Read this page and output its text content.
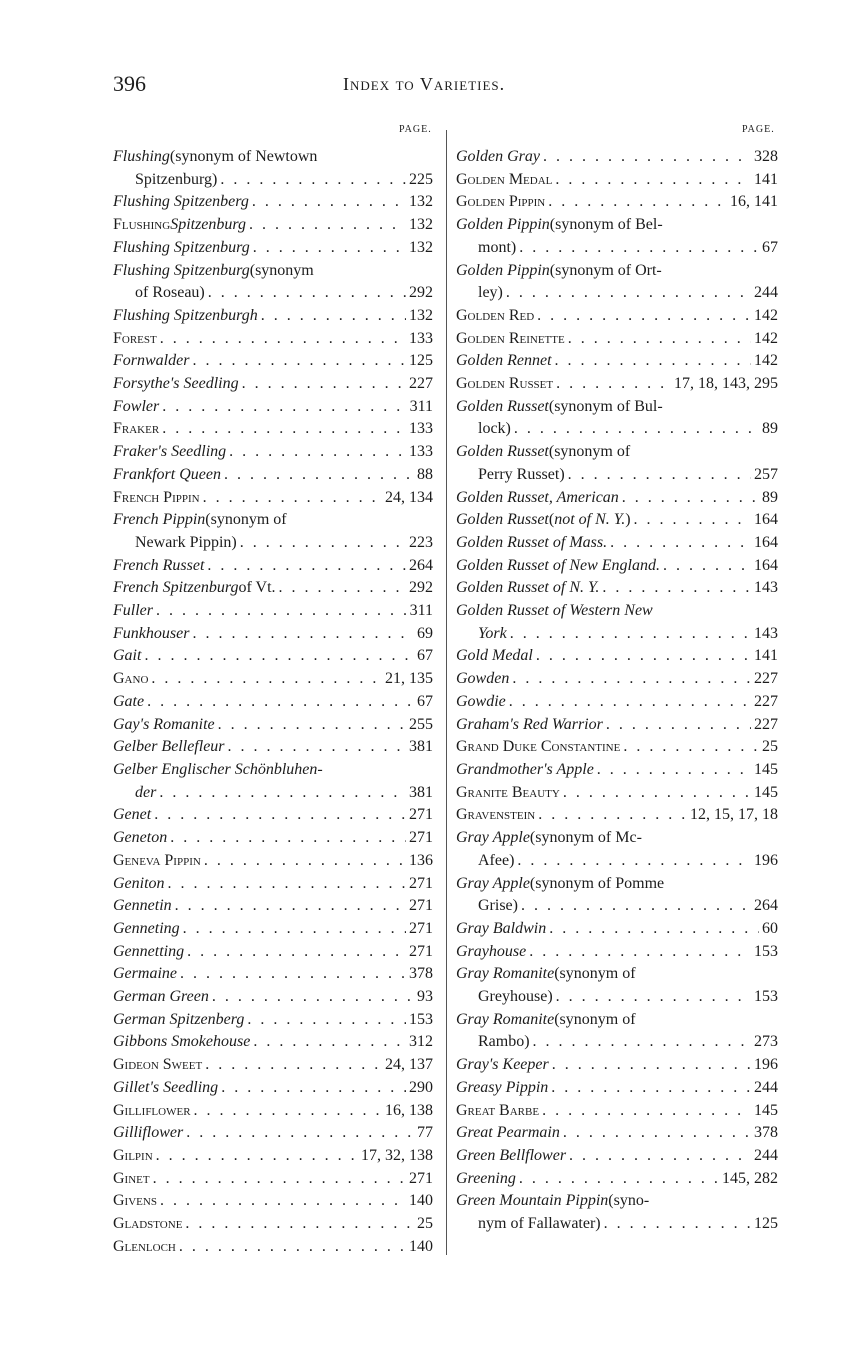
396	Index to Varieties.
PAGE.	PAGE.
Flushing (synonym of Newtown
Spitzenburg) . . .	225
Flushing Spitzenberg . . .	132
Flushing Spitzenburg . . .	132
Flushing Spitzenburg . . .	132
Flushing Spitzenburg (synonym
of Roseau) . . .	292
Flushing Spitzenburgh . . .	132
Forest . . .	133
Fornwalder . . .	125
Forsythe's Seedling . . .	227
Fowler . . .	311
Fraker . . .	133
Fraker's Seedling . . .	133
Frankfort Queen . . .	88
French Pippin . . .	24, 134
French Pippin (synonym of
Newark Pippin) . . .	223
French Russet . . .	264
French Spitzenburg of Vt. . . .	292
Fuller . . .	311
Funkhouser . . .	69
Gait . . .	67
Gano . . .	21, 135
Gate . . .	67
Gay's Romanite . . .	255
Gelber Bellefleur . . .	381
Gelber Englischer Schönbluhen-
der . . .	381
Genet . . .	271
Geneton . . .	271
Geneva Pippin . . .	136
Geniton . . .	271
Gennetin . . .	271
Genneting . . .	271
Gennetting . . .	271
Germaine . . .	378
German Green . . .	93
German Spitzenberg . . .	153
Gibbons Smokehouse . . .	312
Gideon Sweet . . .	24, 137
Gillet's Seedling . . .	290
Gilliflower . . .	16, 138
Gilliflower . . .	77
Gilpin . . .	17, 32, 138
Ginet . . .	271
Givens . . .	140
Gladstone . . .	25
Glenloch . . .	140
Golden Gray . . .	328
Golden Medal . . .	141
Golden Pippin . . .	16, 141
Golden Pippin (synonym of Bel-
mont) . . .	67
Golden Pippin (synonym of Ort-
ley) . . .	244
Golden Red . . .	142
Golden Reinette . . .	142
Golden Rennet . . .	142
Golden Russet . . .	17, 18, 143, 295
Golden Russet (synonym of Bul-
lock) . . .	89
Golden Russet (synonym of
Perry Russet) . . .	257
Golden Russet, American . . .	89
Golden Russet ( not of N. Y. ) . . .	164
Golden Russet of Mass. . . .	164
Golden Russet of New England. . . .	164
Golden Russet of N. Y. . . .	143
Golden Russet of Western New
York . . .	143
Gold Medal . . .	141
Gowden . . .	227
Gowdie . . .	227
Graham's Red Warrior . . .	227
Grand Duke Constantine . . .	25
Grandmother's Apple . . .	145
Granite Beauty . . .	145
Gravenstein . . .	12, 15, 17, 18
Gray Apple (synonym of Mc-
Afee) . . .	196
Gray Apple (synonym of Pomme
Grise) . . .	264
Gray Baldwin . . .	60
Grayhouse . . .	153
Gray Romanite (synonym of
Greyhouse) . . .	153
Gray Romanite (synonym of
Rambo) . . .	273
Gray's Keeper . . .	196
Greasy Pippin . . .	244
Great Barbe . . .	145
Great Pearmain . . .	378
Green Bellflower . . .	244
Greening . . .	145, 282
Green Mountain Pippin (syno-
nym of Fallawater) . . .	125
